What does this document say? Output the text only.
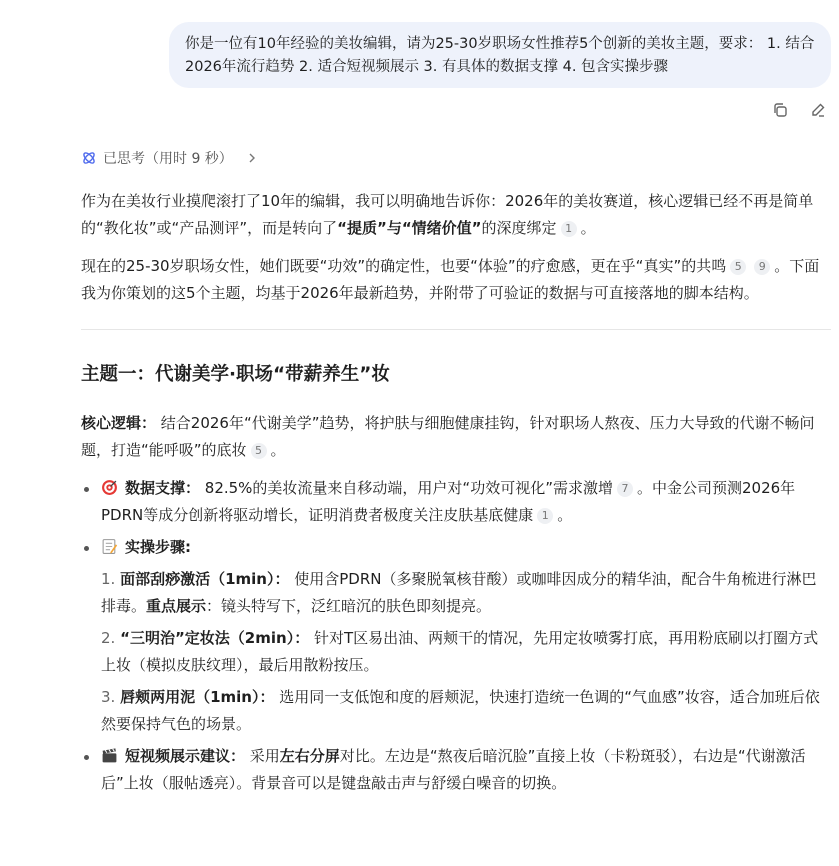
你是一位有10年经验的美妆编辑，请为25-30岁职场女性推荐5个创新的美妆主题，要求： 1. 结合2026年流行趋势 2. 适合短视频展示 3. 有具体的数据支撑 4. 包含实操步骤
已思考（用时 9 秒）

作为在美妆行业摸爬滚打了10年的编辑，我可以明确地告诉你：2026年的美妆赛道，核心逻辑已经不再是简单的“教化妆”或“产品测评”，而是转向了“提质”与“情绪价值”的深度绑定 1 。

现在的25-30岁职场女性，她们既要“功效”的确定性，也要“体验”的疗愈感，更在乎“真实”的共鸣 5 9 。下面我为你策划的这5个主题，均基于2026年最新趋势，并附带了可验证的数据与可直接落地的脚本结构。

主题一：代谢美学·职场“带薪养生”妆

核心逻辑： 结合2026年“代谢美学”趋势，将护肤与细胞健康挂钩，针对职场人熬夜、压力大导致的代谢不畅问题，打造“能呼吸”的底妆 5 。

数据支撑： 82.5%的美妆流量来自移动端，用户对“功效可视化”需求激增 7 。中金公司预测2026年PDRN等成分创新将驱动增长，证明消费者极度关注皮肤基底健康 1 。

实操步骤:

1. 面部刮痧激活（1min）： 使用含PDRN（多聚脱氧核苷酸）或咖啡因成分的精华油，配合牛角梳进行淋巴排毒。重点展示：镜头特写下，泛红暗沉的肤色即刻提亮。
2. “三明治”定妆法（2min）： 针对T区易出油、两颊干的情况，先用定妆喷雾打底，再用粉底刷以打圈方式上妆（模拟皮肤纹理），最后用散粉按压。
3. 唇颊两用泥（1min）： 选用同一支低饱和度的唇颊泥，快速打造统一色调的“气血感”妆容，适合加班后依然要保持气色的场景。

短视频展示建议： 采用左右分屏对比。左边是“熬夜后暗沉脸”直接上妆（卡粉斑驳），右边是“代谢激活后”上妆（服帖透亮）。背景音可以是键盘敲击声与舒缓白噪音的切换。
